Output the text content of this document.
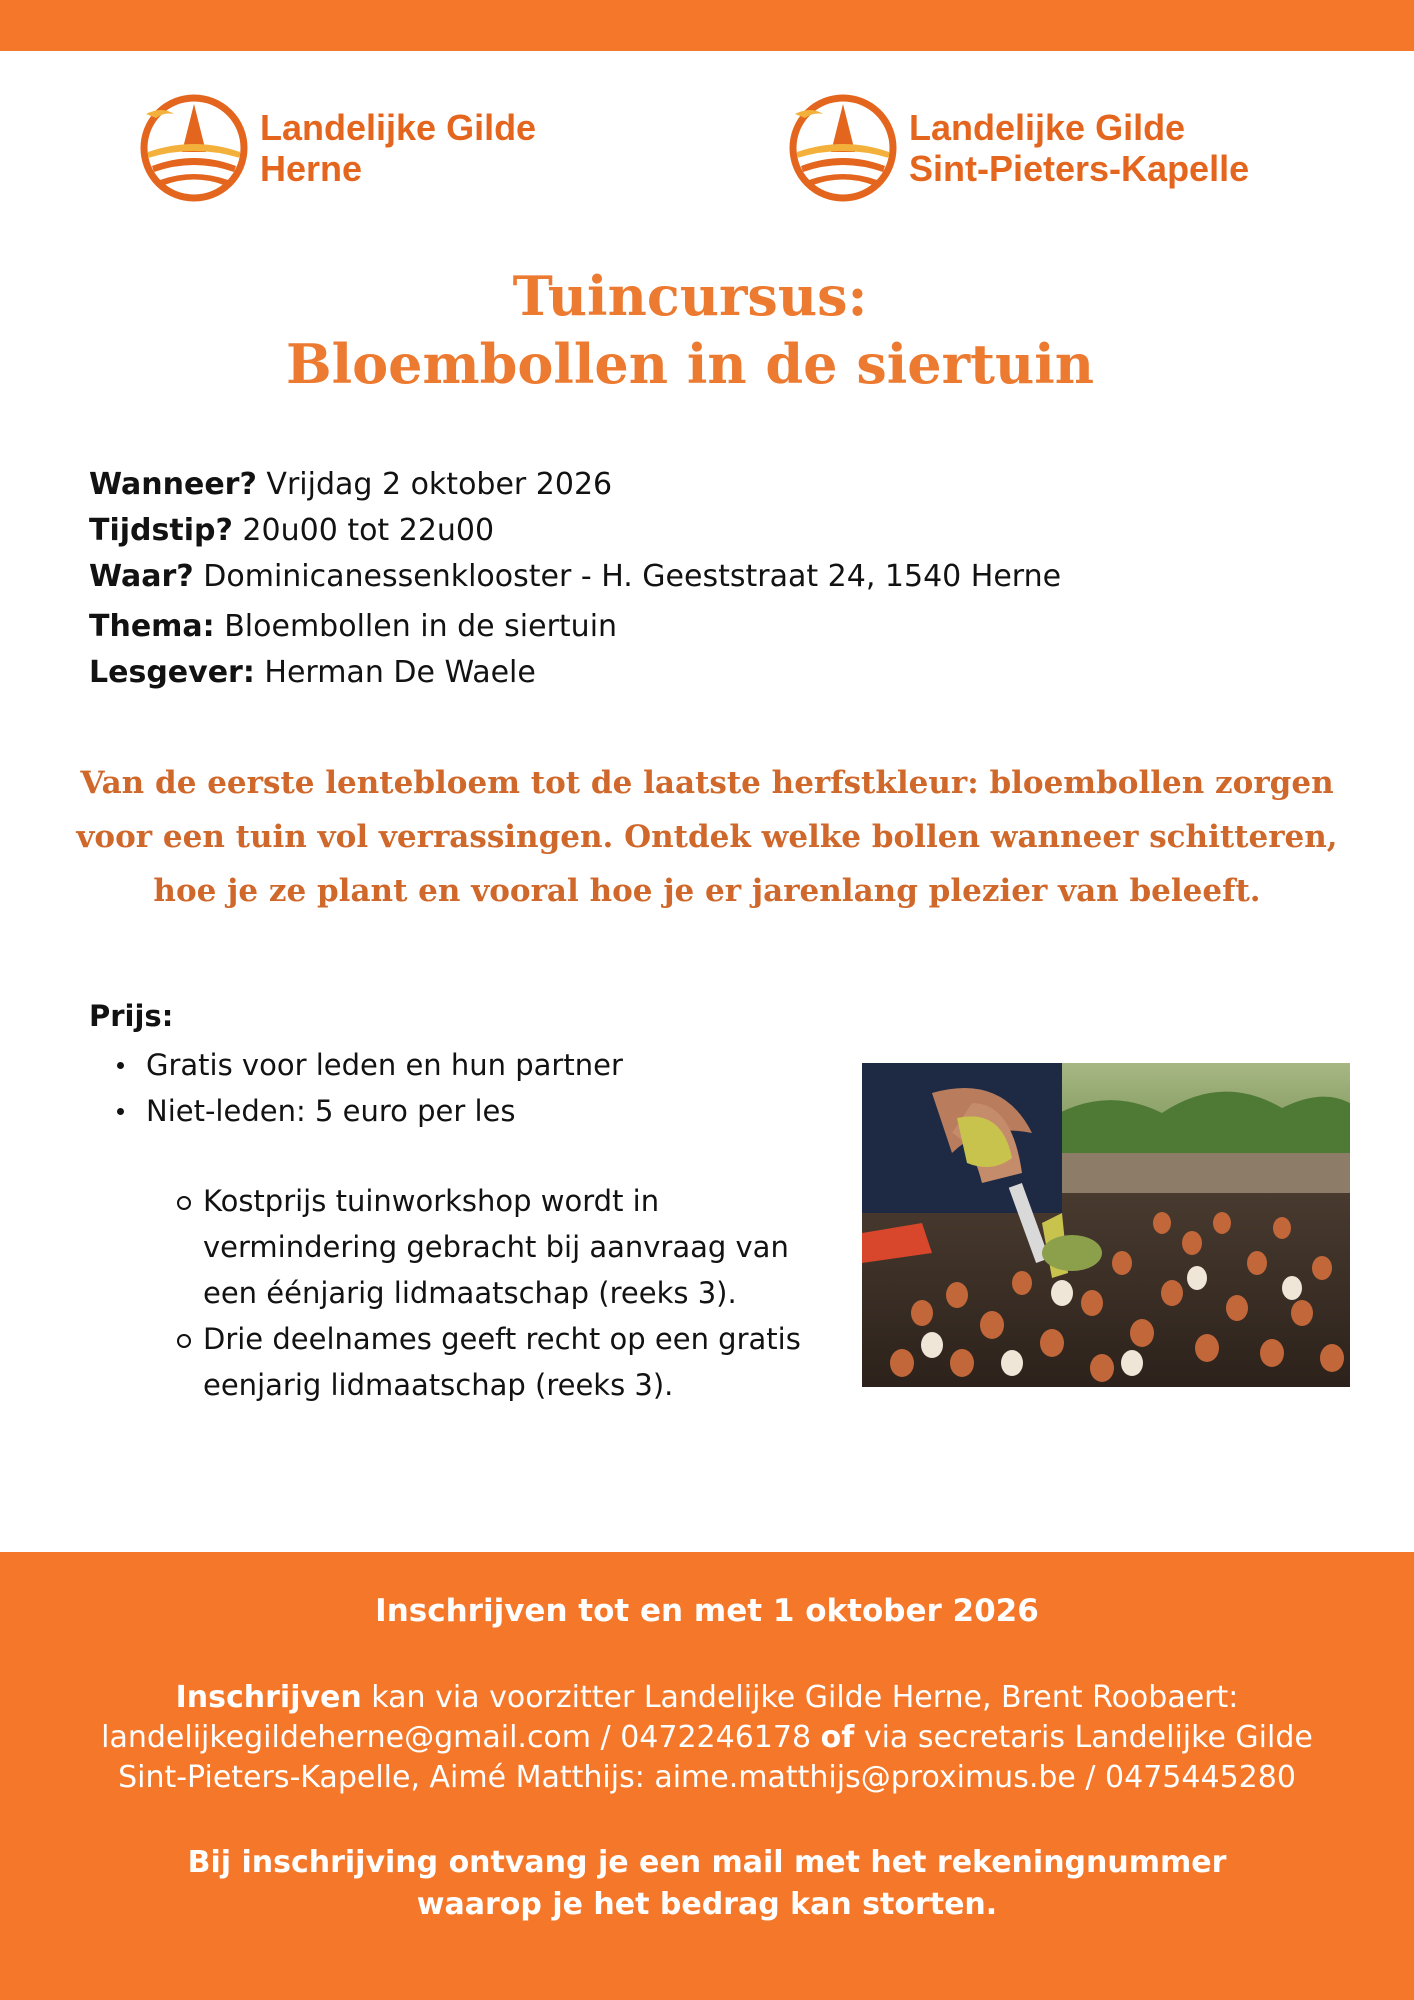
Landelijke Gilde
Herne
Landelijke Gilde
Sint-Pieters-Kapelle
Tuincursus:
Bloembollen in de siertuin
Wanneer? Vrijdag 2 oktober 2026
Tijdstip? 20u00 tot 22u00
Waar? Dominicanessenklooster - H. Geeststraat 24, 1540 Herne
Thema: Bloembollen in de siertuin
Lesgever: Herman De Waele
Van de eerste lentebloem tot de laatste herfstkleur: bloembollen zorgen
voor een tuin vol verrassingen. Ontdek welke bollen wanneer schitteren,
hoe je ze plant en vooral hoe je er jarenlang plezier van beleeft.
Prijs:
Gratis voor leden en hun partner
Niet-leden: 5 euro per les
Kostprijs tuinworkshop wordt in vermindering gebracht bij aanvraag van een éénjarig lidmaatschap (reeks 3).
Drie deelnames geeft recht op een gratis eenjarig lidmaatschap (reeks 3).
Inschrijven tot en met 1 oktober 2026
Inschrijven kan via voorzitter Landelijke Gilde Herne, Brent Roobaert:
landelijkegildeherne@gmail.com / 0472246178 of via secretaris Landelijke Gilde
Sint-Pieters-Kapelle, Aimé Matthijs: aime.matthijs@proximus.be / 0475445280
Bij inschrijving ontvang je een mail met het rekeningnummer
waarop je het bedrag kan storten.
